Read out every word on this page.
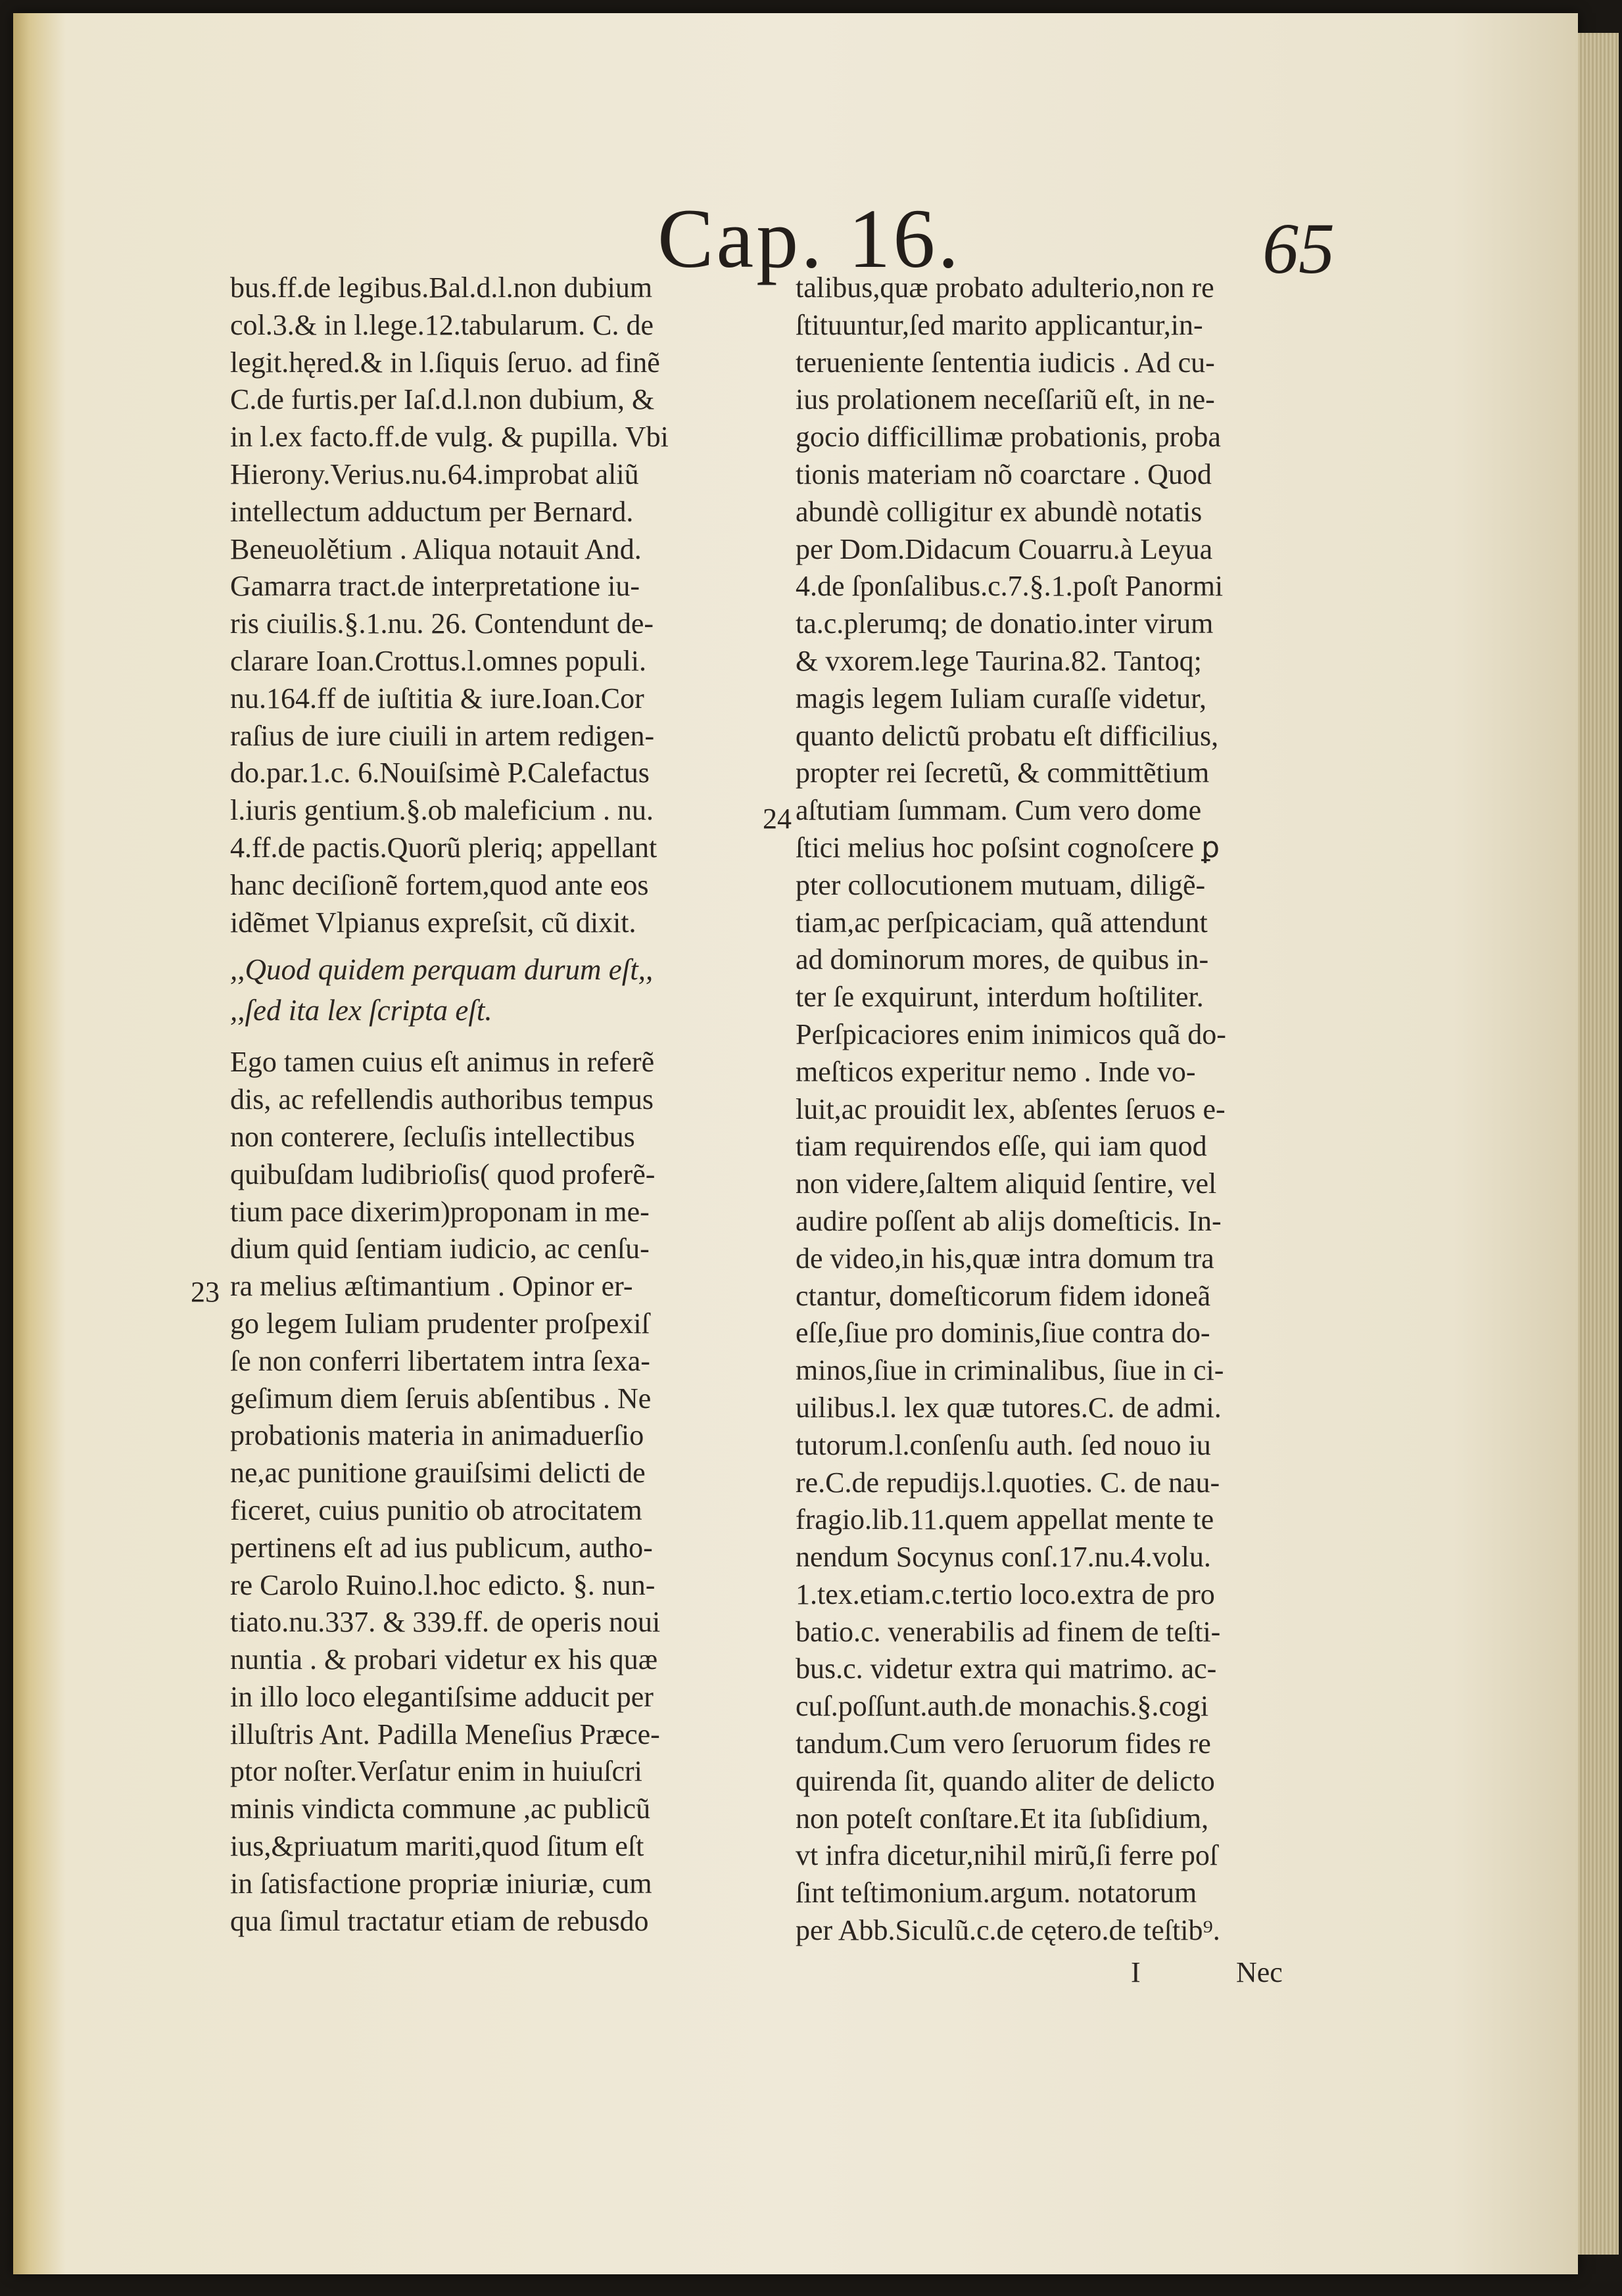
Cap. 16.	65
23
24
bus.ff.de legibus.Bal.d.l.non dubium
col.3.& in l.lege.12.tabularum. C. de
legit.hęred.& in l.ſiquis ſeruo. ad finẽ
C.de furtis.per Iaſ.d.l.non dubium, &
in l.ex facto.ff.de vulg. & pupilla. Vbi
Hierony.Verius.nu.64.improbat aliũ
intellectum adductum per Bernard.
Beneuolětium . Aliqua notauit And.
Gamarra tract.de interpretatione iu-
ris ciuilis.§.1.nu. 26. Contendunt de-
clarare Ioan.Crottus.l.omnes populi.
nu.164.ff de iuſtitia & iure.Ioan.Cor
raſius de iure ciuili in artem redigen-
do.par.1.c. 6.Nouiſsimè P.Calefactus
l.iuris gentium.§.ob maleficium . nu.
4.ff.de pactis.Quorũ pleriq; appellant
hanc deciſionẽ fortem,quod ante eos
idẽmet Vlpianus expreſsit, cũ dixit.
,,Quod quidem perquam durum eſt,,
,,ſed ita lex ſcripta eſt.
Ego tamen cuius eſt animus in referẽ
dis, ac refellendis authoribus tempus
non conterere, ſecluſis intellectibus
quibuſdam ludibrioſis( quod proferẽ-
tium pace dixerim)proponam in me-
dium quid ſentiam iudicio, ac cenſu-
ra melius æſtimantium . Opinor er-
go legem Iuliam prudenter proſpexiſ
ſe non conferri libertatem intra ſexa-
geſimum diem ſeruis abſentibus . Ne
probationis materia in animaduerſio
ne,ac punitione grauiſsimi delicti de
ficeret, cuius punitio ob atrocitatem
pertinens eſt ad ius publicum, autho-
re Carolo Ruino.l.hoc edicto. §. nun-
tiato.nu.337. & 339.ff. de operis noui
nuntia . & probari videtur ex his quæ
in illo loco elegantiſsime adducit per
illuſtris Ant. Padilla Meneſius Præce-
ptor noſter.Verſatur enim in huiuſcri
minis vindicta commune ,ac publicũ
ius,&priuatum mariti,quod ſitum eſt
in ſatisfactione propriæ iniuriæ, cum
qua ſimul tractatur etiam de rebusdo
talibus,quæ probato adulterio,non re
ſtituuntur,ſed marito applicantur,in-
teruenientе ſententia iudicis . Ad cu-
ius prolationem neceſſariũ eſt, in ne-
gocio difficillimæ probationis, proba
tionis materiam nõ coarctare . Quod
abundè colligitur ex abundè notatis
per Dom.Didacum Couarru.à Leyua
4.de ſponſalibus.c.7.§.1.poſt Panormi
ta.c.plerumq; de donatio.inter virum
& vxorem.lege Taurina.82. Tantoq;
magis legem Iuliam curaſſe videtur,
quanto delictũ probatu eſt difficilius,
propter rei ſecretũ, & committẽtium
aſtutiam ſummam. Cum vero dome
ſtici melius hoc poſsint cognoſcere ꝑ
pter collocutionem mutuam, diligẽ-
tiam,ac perſpicaciam, quã attendunt
ad dominorum mores, de quibus in-
ter ſe exquirunt, interdum hoſtiliter.
Perſpicaciores enim inimicos quã do-
meſticos experitur nemo . Inde vo-
luit,ac prouidit lex, abſentes ſeruos e-
tiam requirendos eſſe, qui iam quod
non videre,ſaltem aliquid ſentire, vel
audire poſſent ab alijs domeſticis. In-
de video,in his,quæ intra domum tra
ctantur, domeſticorum fidem idoneã
eſſe,ſiue pro dominis,ſiue contra do-
minos,ſiue in criminalibus, ſiue in ci-
uilibus.l. lex quæ tutores.C. de admi.
tutorum.l.conſenſu auth. ſed nouo iu
re.C.de repudijs.l.quoties. C. de nau-
fragio.lib.11.quem appellat mente te
nendum Socynus conſ.17.nu.4.volu.
1.tex.etiam.c.tertio loco.extra de pro
batio.c. venerabilis ad finem de teſti-
bus.c. videtur extra qui matrimo. ac-
cuſ.poſſunt.auth.de monachis.§.cogi
tandum.Cum vero ſeruorum fides re
quirenda ſit, quando aliter de delicto
non poteſt conſtare.Et ita ſubſidium,
vt infra dicetur,nihil mirũ,ſi ferre poſ
ſint teſtimonium.argum. notatorum
per Abb.Siculũ.c.de cętero.de teſtib⁹.
I	Nec
